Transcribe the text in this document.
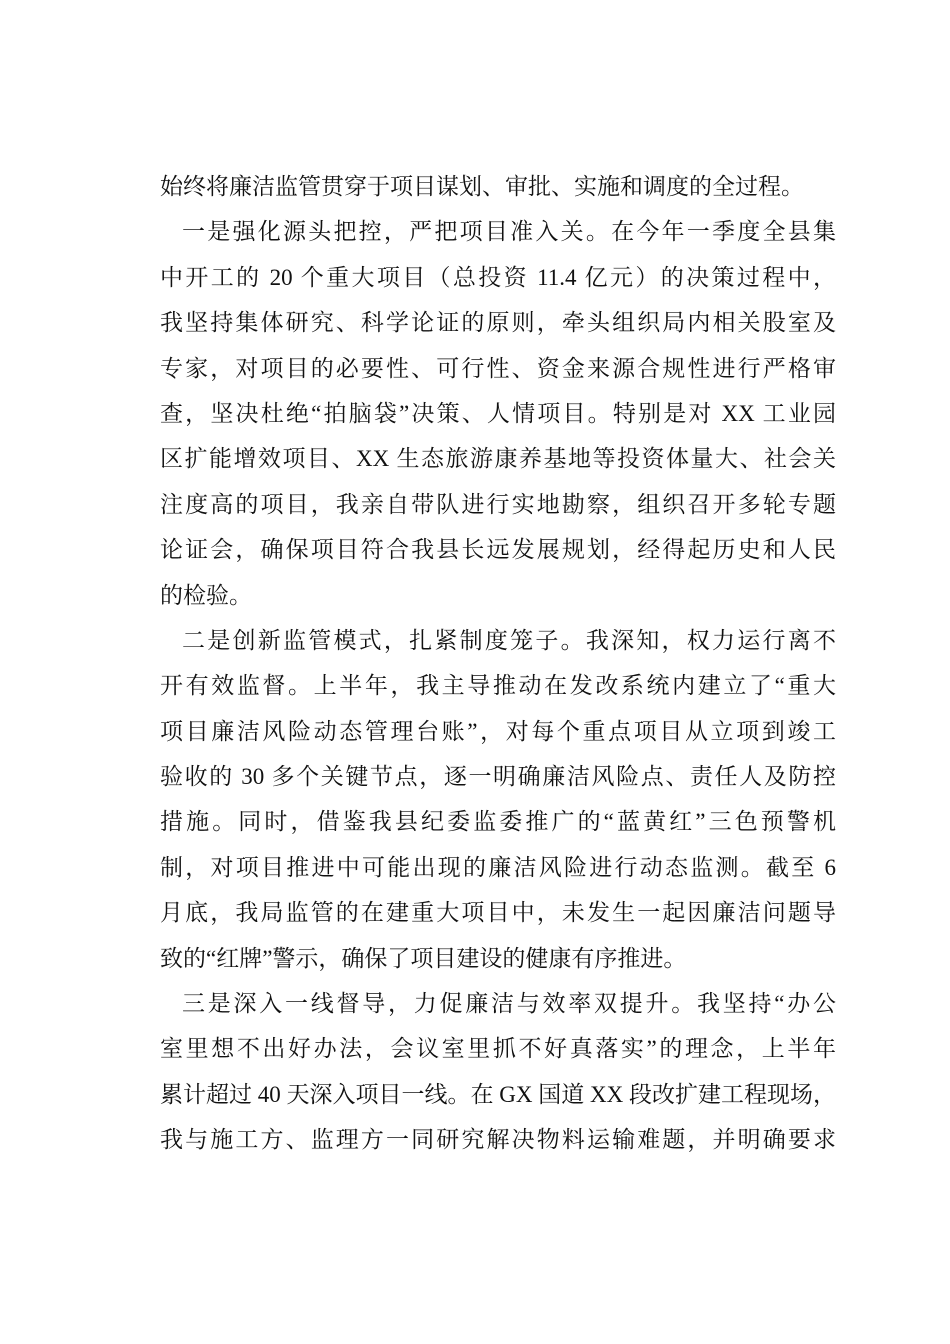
始终将廉洁监管贯穿于项目谋划、审批、实施和调度的全过程。
一是强化源头把控，严把项目准入关。在今年一季度全县集
中开工的 20 个重大项目（总投资 11.4 亿元）的决策过程中，
我坚持集体研究、科学论证的原则，牵头组织局内相关股室及
专家，对项目的必要性、可行性、资金来源合规性进行严格审
查，坚决杜绝“拍脑袋”决策、人情项目。特别是对 XX 工业园
区扩能增效项目、XX 生态旅游康养基地等投资体量大、社会关
注度高的项目，我亲自带队进行实地勘察，组织召开多轮专题
论证会，确保项目符合我县长远发展规划，经得起历史和人民
的检验。
二是创新监管模式，扎紧制度笼子。我深知，权力运行离不
开有效监督。上半年，我主导推动在发改系统内建立了“重大
项目廉洁风险动态管理台账”，对每个重点项目从立项到竣工
验收的 30 多个关键节点，逐一明确廉洁风险点、责任人及防控
措施。同时，借鉴我县纪委监委推广的“蓝黄红”三色预警机
制，对项目推进中可能出现的廉洁风险进行动态监测。截至 6
月底，我局监管的在建重大项目中，未发生一起因廉洁问题导
致的“红牌”警示，确保了项目建设的健康有序推进。
三是深入一线督导，力促廉洁与效率双提升。我坚持“办公
室里想不出好办法，会议室里抓不好真落实”的理念，上半年
累计超过 40 天深入项目一线。在 GX 国道 XX 段改扩建工程现场，
我与施工方、监理方一同研究解决物料运输难题，并明确要求
